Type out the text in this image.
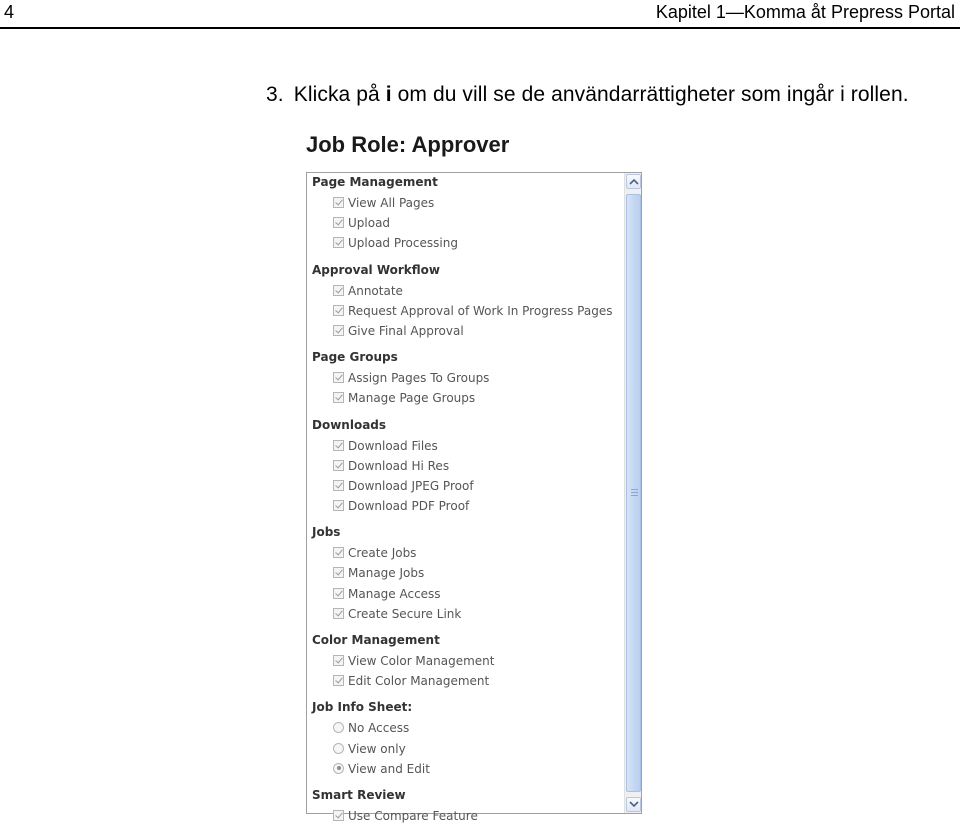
4	Kapitel 1—Komma åt Prepress Portal
3. Klicka på i om du vill se de användarrättigheter som ingår i rollen.
Job Role: Approver
Page Management
View All Pages
Upload
Upload Processing
Approval Workflow
Annotate
Request Approval of Work In Progress Pages
Give Final Approval
Page Groups
Assign Pages To Groups
Manage Page Groups
Downloads
Download Files
Download Hi Res
Download JPEG Proof
Download PDF Proof
Jobs
Create Jobs
Manage Jobs
Manage Access
Create Secure Link
Color Management
View Color Management
Edit Color Management
Job Info Sheet:
No Access
View only
View and Edit
Smart Review
Use Compare Feature
